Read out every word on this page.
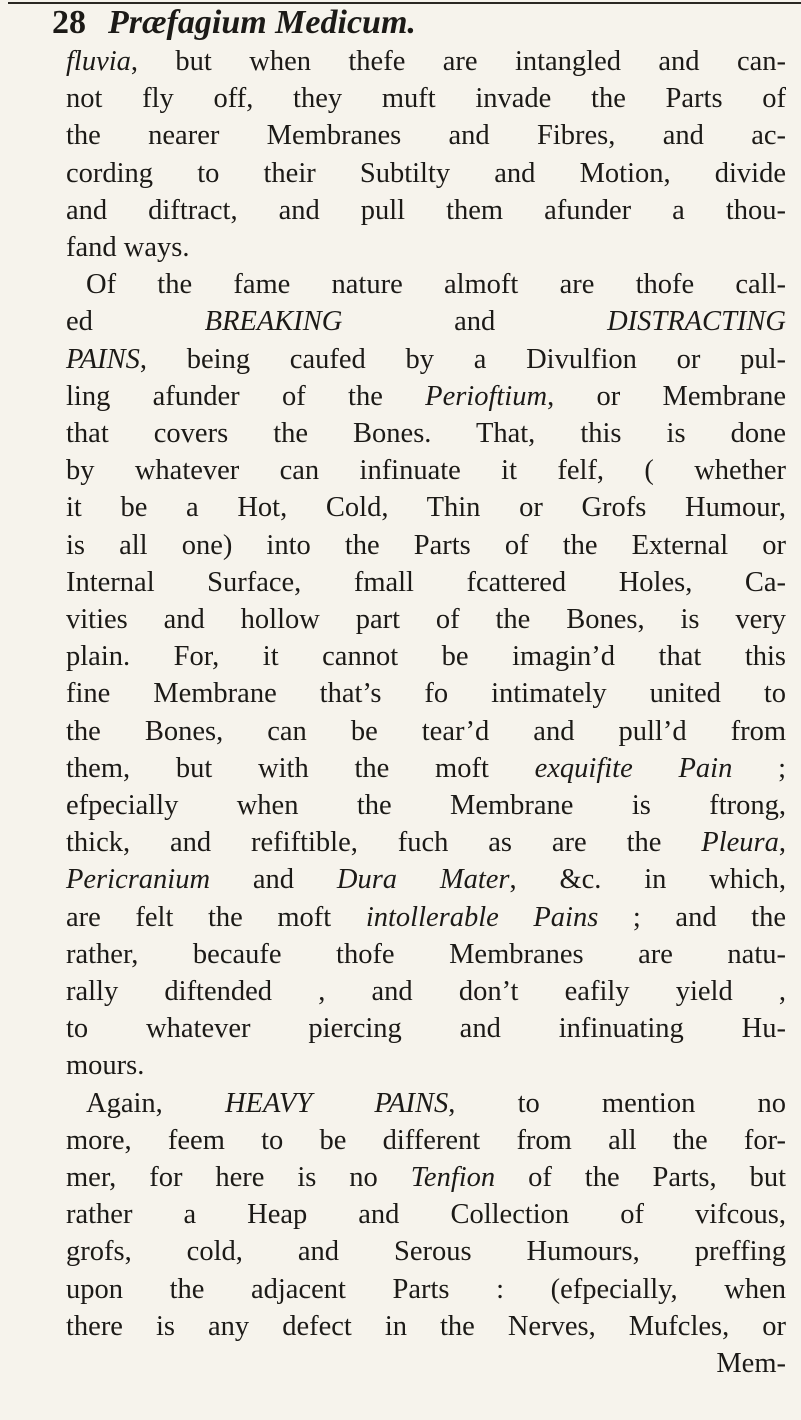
28 Præfagium Medicum.
fluvia, but when thefe are intangled and can-
not fly off, they muft invade the Parts of
the nearer Membranes and Fibres, and ac-
cording to their Subtilty and Motion, divide
and diftract, and pull them afunder a thou-
fand ways.
Of the fame nature almoft are thofe call-
ed BREAKING and DISTRACTING
PAINS, being caufed by a Divulfion or pul-
ling afunder of the Perioftium, or Membrane
that covers the Bones. That, this is done
by whatever can infinuate it felf, ( whether
it be a Hot, Cold, Thin or Grofs Humour,
is all one) into the Parts of the External or
Internal Surface, fmall fcattered Holes, Ca-
vities and hollow part of the Bones, is very
plain. For, it cannot be imagin’d that this
fine Membrane that’s fo intimately united to
the Bones, can be tear’d and pull’d from
them, but with the moft exquifite Pain ;
efpecially when the Membrane is ftrong,
thick, and refiftible, fuch as are the Pleura,
Pericranium and Dura Mater, &c. in which,
are felt the moft intollerable Pains ; and the
rather, becaufe thofe Membranes are natu-
rally diftended , and don’t eafily yield ,
to whatever piercing and infinuating Hu-
mours.
Again, HEAVY PAINS, to mention no
more, feem to be different from all the for-
mer, for here is no Tenfion of the Parts, but
rather a Heap and Collection of vifcous,
grofs, cold, and Serous Humours, preffing
upon the adjacent Parts : (efpecially, when
there is any defect in the Nerves, Mufcles, or
Mem-
